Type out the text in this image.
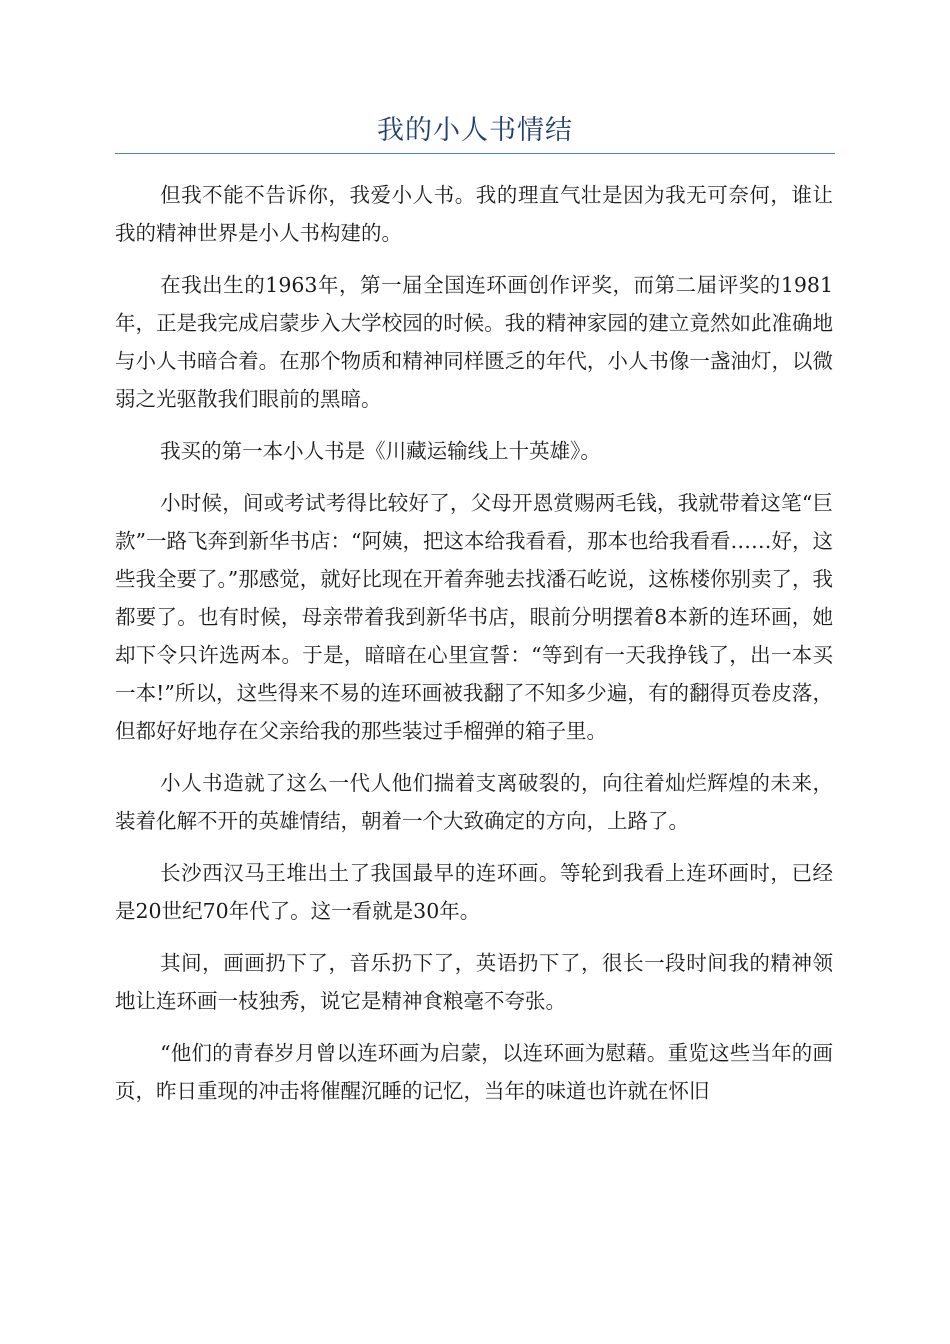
我的小人书情结

但我不能不告诉你，我爱小人书。我的理直气壮是因为我无可奈何，谁让我的精神世界是小人书构建的。

在我出生的1963年，第一届全国连环画创作评奖，而第二届评奖的1981年，正是我完成启蒙步入大学校园的时候。我的精神家园的建立竟然如此准确地与小人书暗合着。在那个物质和精神同样匮乏的年代，小人书像一盏油灯，以微弱之光驱散我们眼前的黑暗。

我买的第一本小人书是《川藏运输线上十英雄》。

小时候，间或考试考得比较好了，父母开恩赏赐两毛钱，我就带着这笔“巨款”一路飞奔到新华书店：“阿姨，把这本给我看看，那本也给我看看……好，这些我全要了。”那感觉，就好比现在开着奔驰去找潘石屹说，这栋楼你别卖了，我都要了。也有时候，母亲带着我到新华书店，眼前分明摆着8本新的连环画，她却下令只许选两本。于是，暗暗在心里宣誓：“等到有一天我挣钱了，出一本买一本!”所以，这些得来不易的连环画被我翻了不知多少遍，有的翻得页卷皮落，但都好好地存在父亲给我的那些装过手榴弹的箱子里。

小人书造就了这么一代人他们揣着支离破裂的，向往着灿烂辉煌的未来，装着化解不开的英雄情结，朝着一个大致确定的方向，上路了。

长沙西汉马王堆出土了我国最早的连环画。等轮到我看上连环画时，已经是20世纪70年代了。这一看就是30年。

其间，画画扔下了，音乐扔下了，英语扔下了，很长一段时间我的精神领地让连环画一枝独秀，说它是精神食粮毫不夸张。

“他们的青春岁月曾以连环画为启蒙，以连环画为慰藉。重览这些当年的画页，昨日重现的冲击将催醒沉睡的记忆，当年的味道也许就在怀旧
